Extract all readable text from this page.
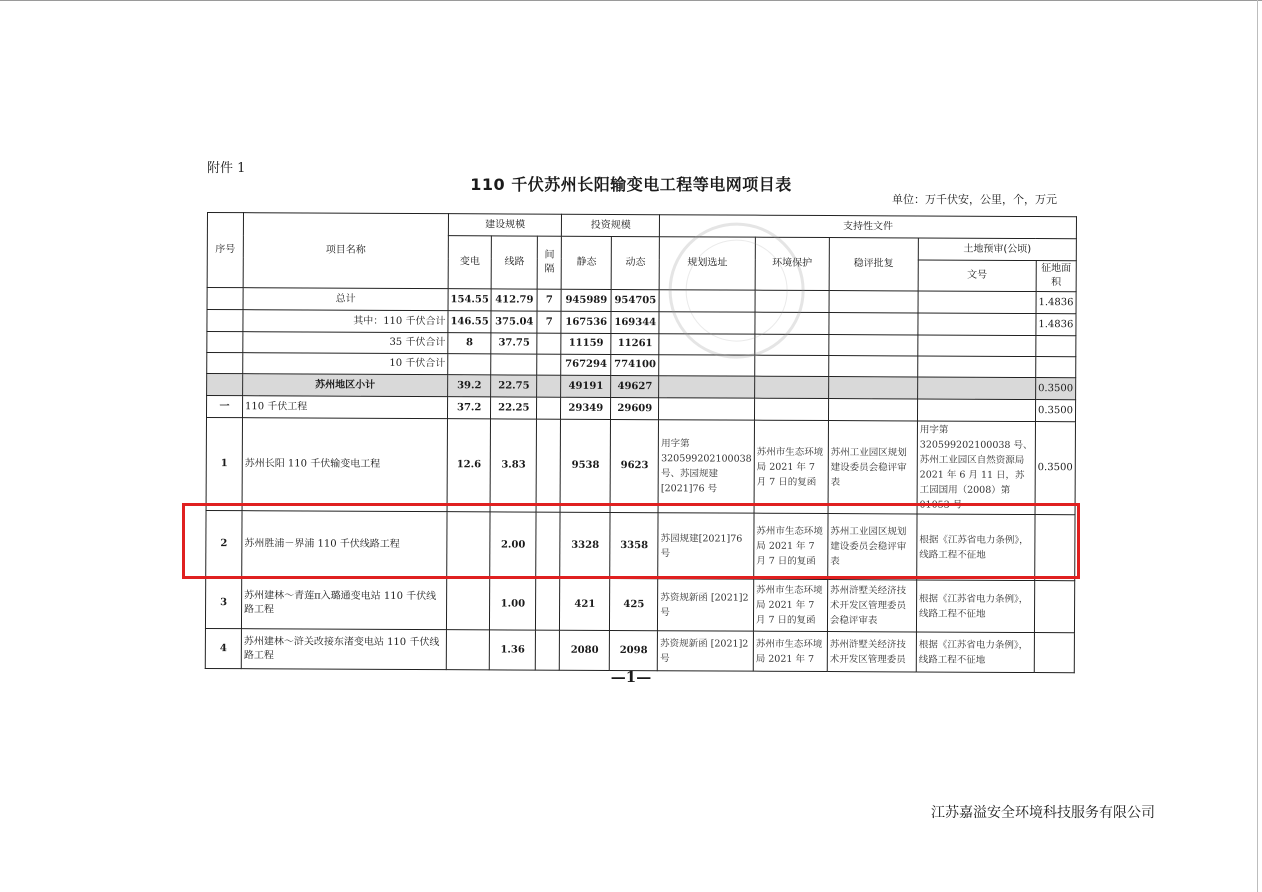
附件 1
110 千伏苏州长阳输变电工程等电网项目表
单位：万千伏安，公里，个，万元
序号	项目名称	建设规模			投资规模		支持性文件				
		变电	线路	间隔	静态	动态	规划选址	环境保护	稳评批复	土地预审(公顷)	
										文号	征地面积
	总计	154.55	412.79	7	945989	954705					1.4836
	其中：110 千伏合计	146.55	375.04	7	167536	169344					1.4836
	35 千伏合计	8	37.75		11159	11261					
	10 千伏合计				767294	774100					
	苏州地区小计	39.2	22.75		49191	49627					0.3500
一	110 千伏工程	37.2	22.25		29349	29609					0.3500
1	苏州长阳 110 千伏输变电工程	12.6	3.83		9538	9623	用字第 320599202100038 号、苏园规建 [2021]76 号	苏州市生态环境局 2021 年 7 月 7 日的复函	苏州工业园区规划建设委员会稳评审表	用字第 320599202100038 号、苏州工业园区自然资源局 2021 年 6 月 11 日，苏工园国用（2008）第 01053 号	0.3500
2	苏州胜浦－界浦 110 千伏线路工程		2.00		3328	3358	苏园规建[2021]76 号	苏州市生态环境局 2021 年 7 月 7 日的复函	苏州工业园区规划建设委员会稳评审表	根据《江苏省电力条例》，线路工程不征地	
3	苏州建林～青莲π入璐通变电站 110 千伏线路工程		1.00		421	425	苏资规新函 [2021]2 号	苏州市生态环境局 2021 年 7 月 7 日的复函	苏州浒墅关经济技术开发区管理委员会稳评审表	根据《江苏省电力条例》，线路工程不征地	
4	苏州建林～浒关改接东渚变电站 110 千伏线路工程		1.36		2080	2098	苏资规新函 [2021]2 号	苏州市生态环境局 2021 年 7	苏州浒墅关经济技术开发区管理委员	根据《江苏省电力条例》，线路工程不征地	
—1—
江苏嘉溢安全环境科技服务有限公司
